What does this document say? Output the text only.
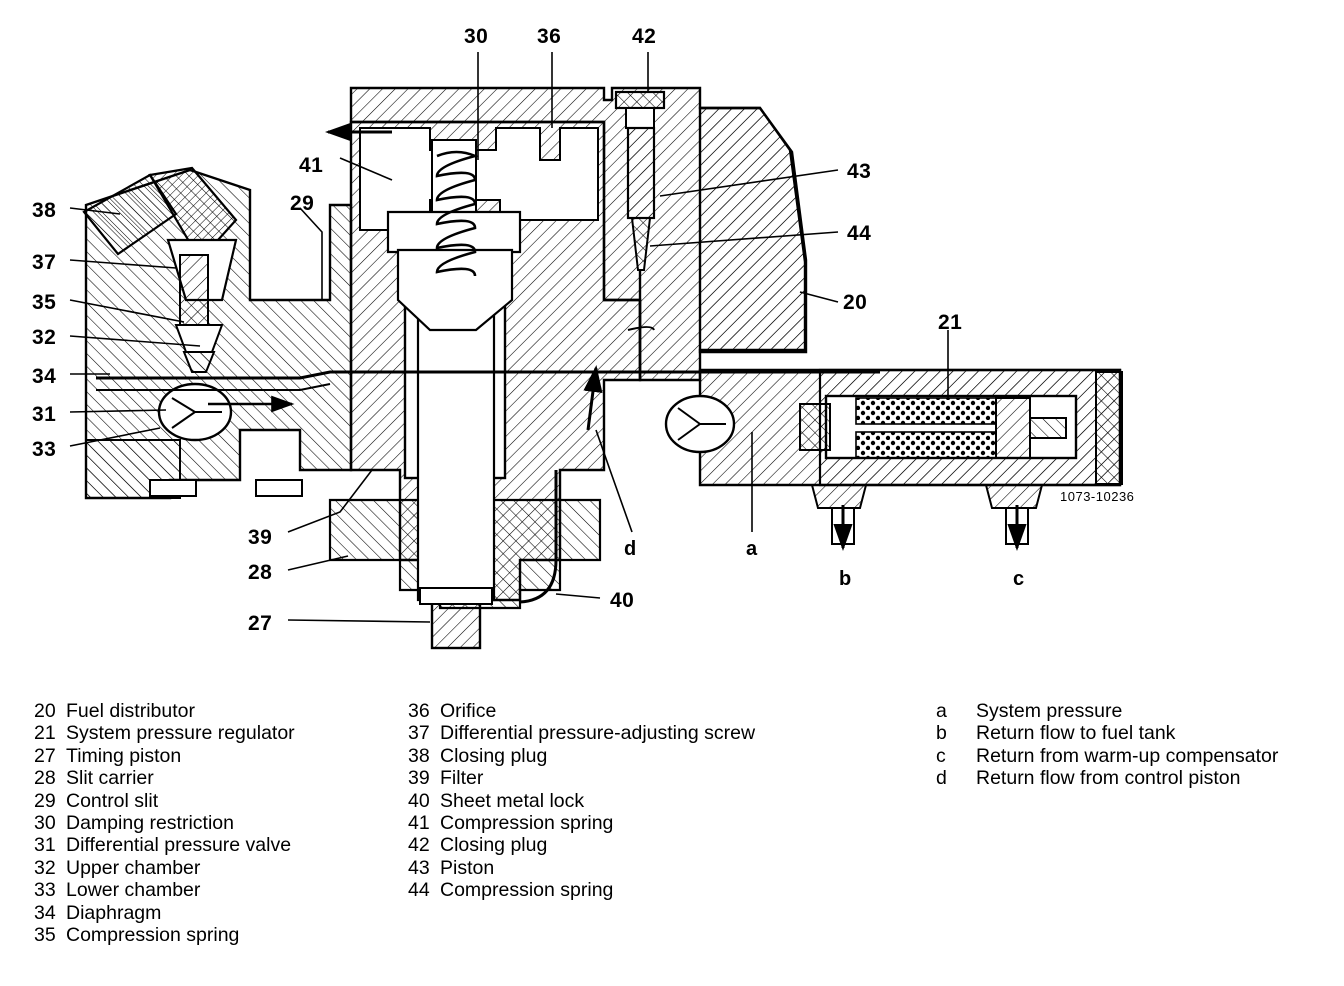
30 36	42
41
29
43
44
38
37
35
32
34
31
33
20
21
39
28
27
40
d	a
b	c
1073-10236
20 Fuel distributor
21 System pressure regulator
27 Timing piston
28 Slit carrier
29 Control slit
30 Damping restriction
31 Differential pressure valve
32 Upper chamber
33 Lower chamber
34 Diaphragm
35 Compression spring
36 Orifice
37 Differential pressure-adjusting screw
38 Closing plug
39 Filter
40 Sheet metal lock
41 Compression spring
42 Closing plug
43 Piston
44 Compression spring
a	System pressure
b	Return flow to fuel tank
c	Return from warm-up compensator
d	Return flow from control piston
